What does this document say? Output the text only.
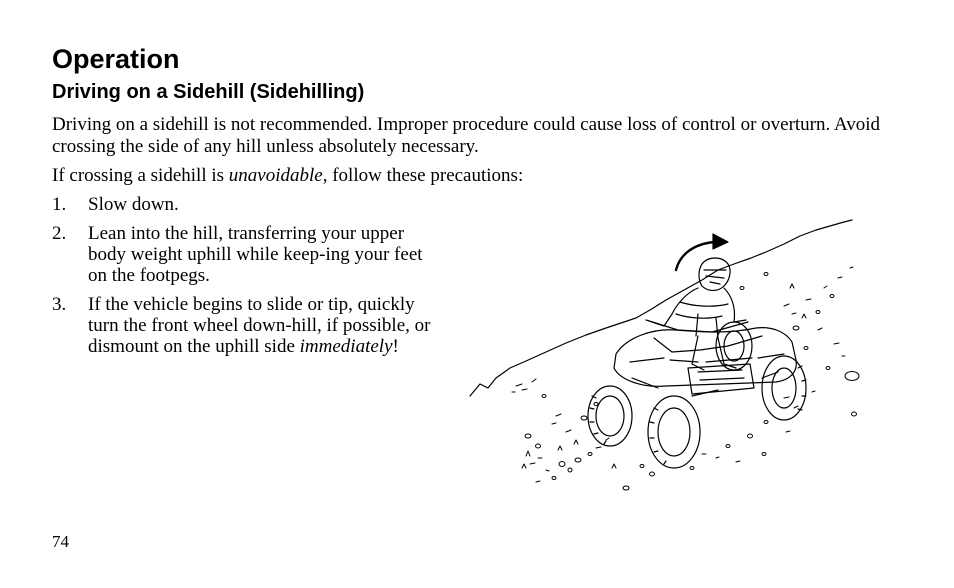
Operation
Driving on a Sidehill (Sidehilling)

Driving on a sidehill is not recommended. Improper procedure could cause loss of control or overturn. Avoid crossing the side of any hill unless absolutely necessary.

If crossing a sidehill is unavoidable, follow these precautions:

1. Slow down.
2. Lean into the hill, transferring your upper body weight uphill while keep-ing your feet on the footpegs.
3. If the vehicle begins to slide or tip, quickly turn the front wheel down-hill, if possible, or dismount on the uphill side immediately!
74
